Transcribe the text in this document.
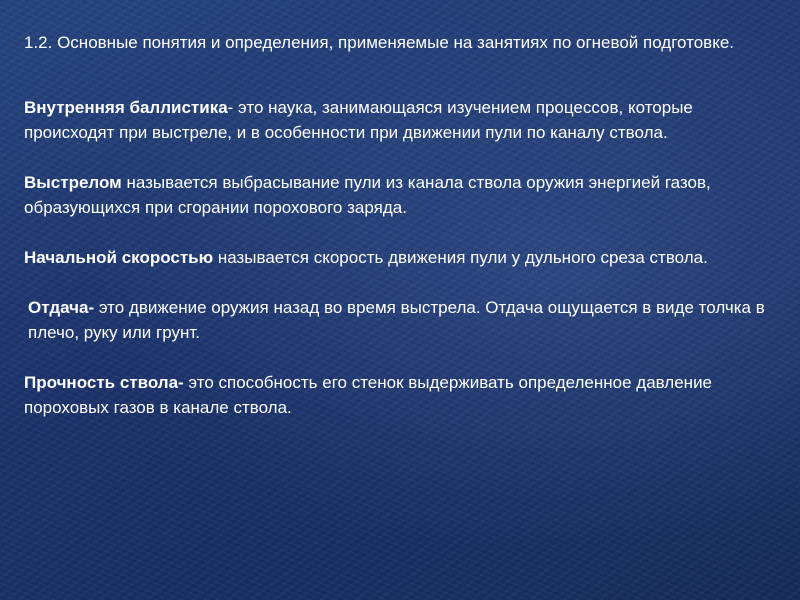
1.2. Основные понятия и определения, применяемые на занятиях по огневой подготовке.

Внутренняя баллистика- это наука, занимающаяся изучением процессов, которые происходят при выстреле, и в особенности при движении пули по каналу ствола.

Выстрелом называется выбрасывание пули из канала ствола оружия энергией газов, образующихся при сгорании порохового заряда.

Начальной скоростью называется скорость движения пули у дульного среза ствола.

Отдача- это движение оружия назад во время выстрела. Отдача ощущается в виде толчка в плечо, руку или грунт.

Прочность ствола- это способность его стенок выдерживать определенное давление пороховых газов в канале ствола.
